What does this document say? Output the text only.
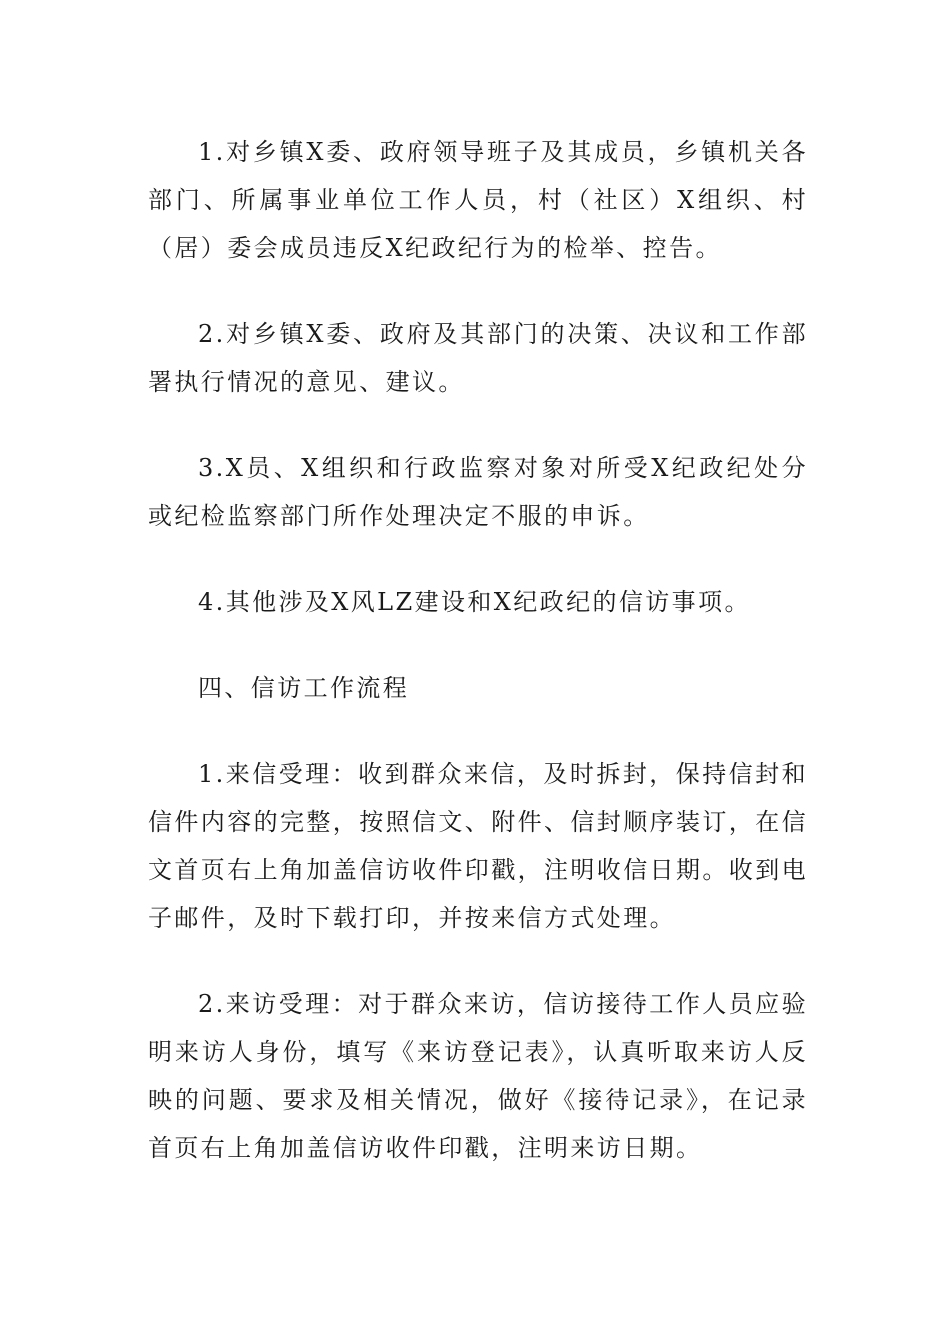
1.对乡镇X委、政府领导班子及其成员，乡镇机关各部门、所属事业单位工作人员，村（社区）X组织、村（居）委会成员违反X纪政纪行为的检举、控告。

2.对乡镇X委、政府及其部门的决策、决议和工作部署执行情况的意见、建议。

3.X员、X组织和行政监察对象对所受X纪政纪处分或纪检监察部门所作处理决定不服的申诉。

4.其他涉及X风LZ建设和X纪政纪的信访事项。

四、信访工作流程

1.来信受理：收到群众来信，及时拆封，保持信封和信件内容的完整，按照信文、附件、信封顺序装订，在信文首页右上角加盖信访收件印戳，注明收信日期。收到电子邮件，及时下载打印，并按来信方式处理。

2.来访受理：对于群众来访，信访接待工作人员应验明来访人身份，填写《来访登记表》，认真听取来访人反映的问题、要求及相关情况，做好《接待记录》，在记录首页右上角加盖信访收件印戳，注明来访日期。
